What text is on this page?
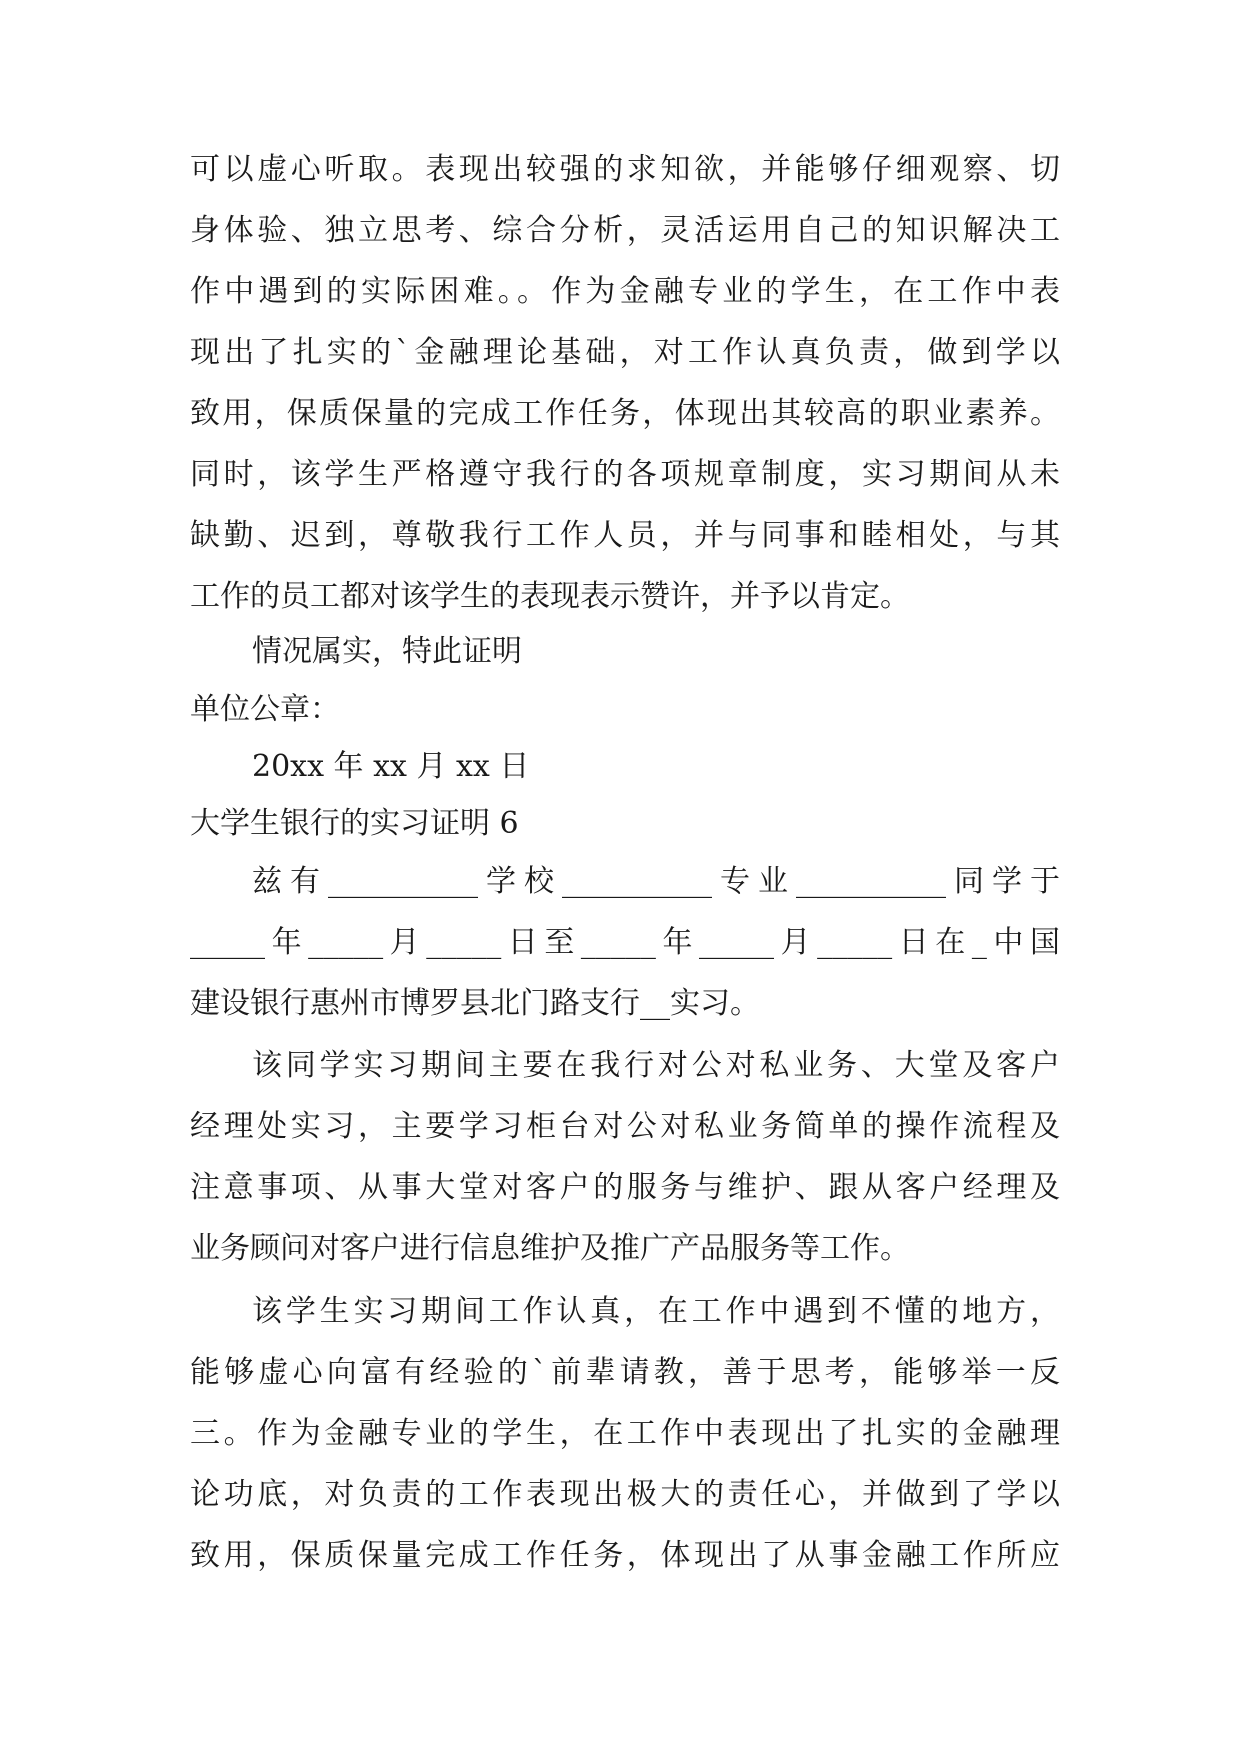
可以虚心听取。表现出较强的求知欲，并能够仔细观察、切
身体验、独立思考、综合分析，灵活运用自己的知识解决工
作中遇到的实际困难。。作为金融专业的学生，在工作中表
现出了扎实的`金融理论基础，对工作认真负责，做到学以
致用，保质保量的完成工作任务，体现出其较高的职业素养。
同时，该学生严格遵守我行的各项规章制度，实习期间从未
缺勤、迟到，尊敬我行工作人员，并与同事和睦相处，与其
工作的员工都对该学生的表现表示赞许，并予以肯定。
情况属实，特此证明
单位公章：
20xx 年 xx 月 xx 日
大学生银行的实习证明 6
兹有__________学校__________专业__________同学于
_____年_____月_____日至_____年_____月_____日在_中国
建设银行惠州市博罗县北门路支行__实习。
该同学实习期间主要在我行对公对私业务、大堂及客户
经理处实习，主要学习柜台对公对私业务简单的操作流程及
注意事项、从事大堂对客户的服务与维护、跟从客户经理及
业务顾问对客户进行信息维护及推广产品服务等工作。
该学生实习期间工作认真，在工作中遇到不懂的地方，
能够虚心向富有经验的`前辈请教，善于思考，能够举一反
三。作为金融专业的学生，在工作中表现出了扎实的金融理
论功底，对负责的工作表现出极大的责任心，并做到了学以
致用，保质保量完成工作任务，体现出了从事金融工作所应
